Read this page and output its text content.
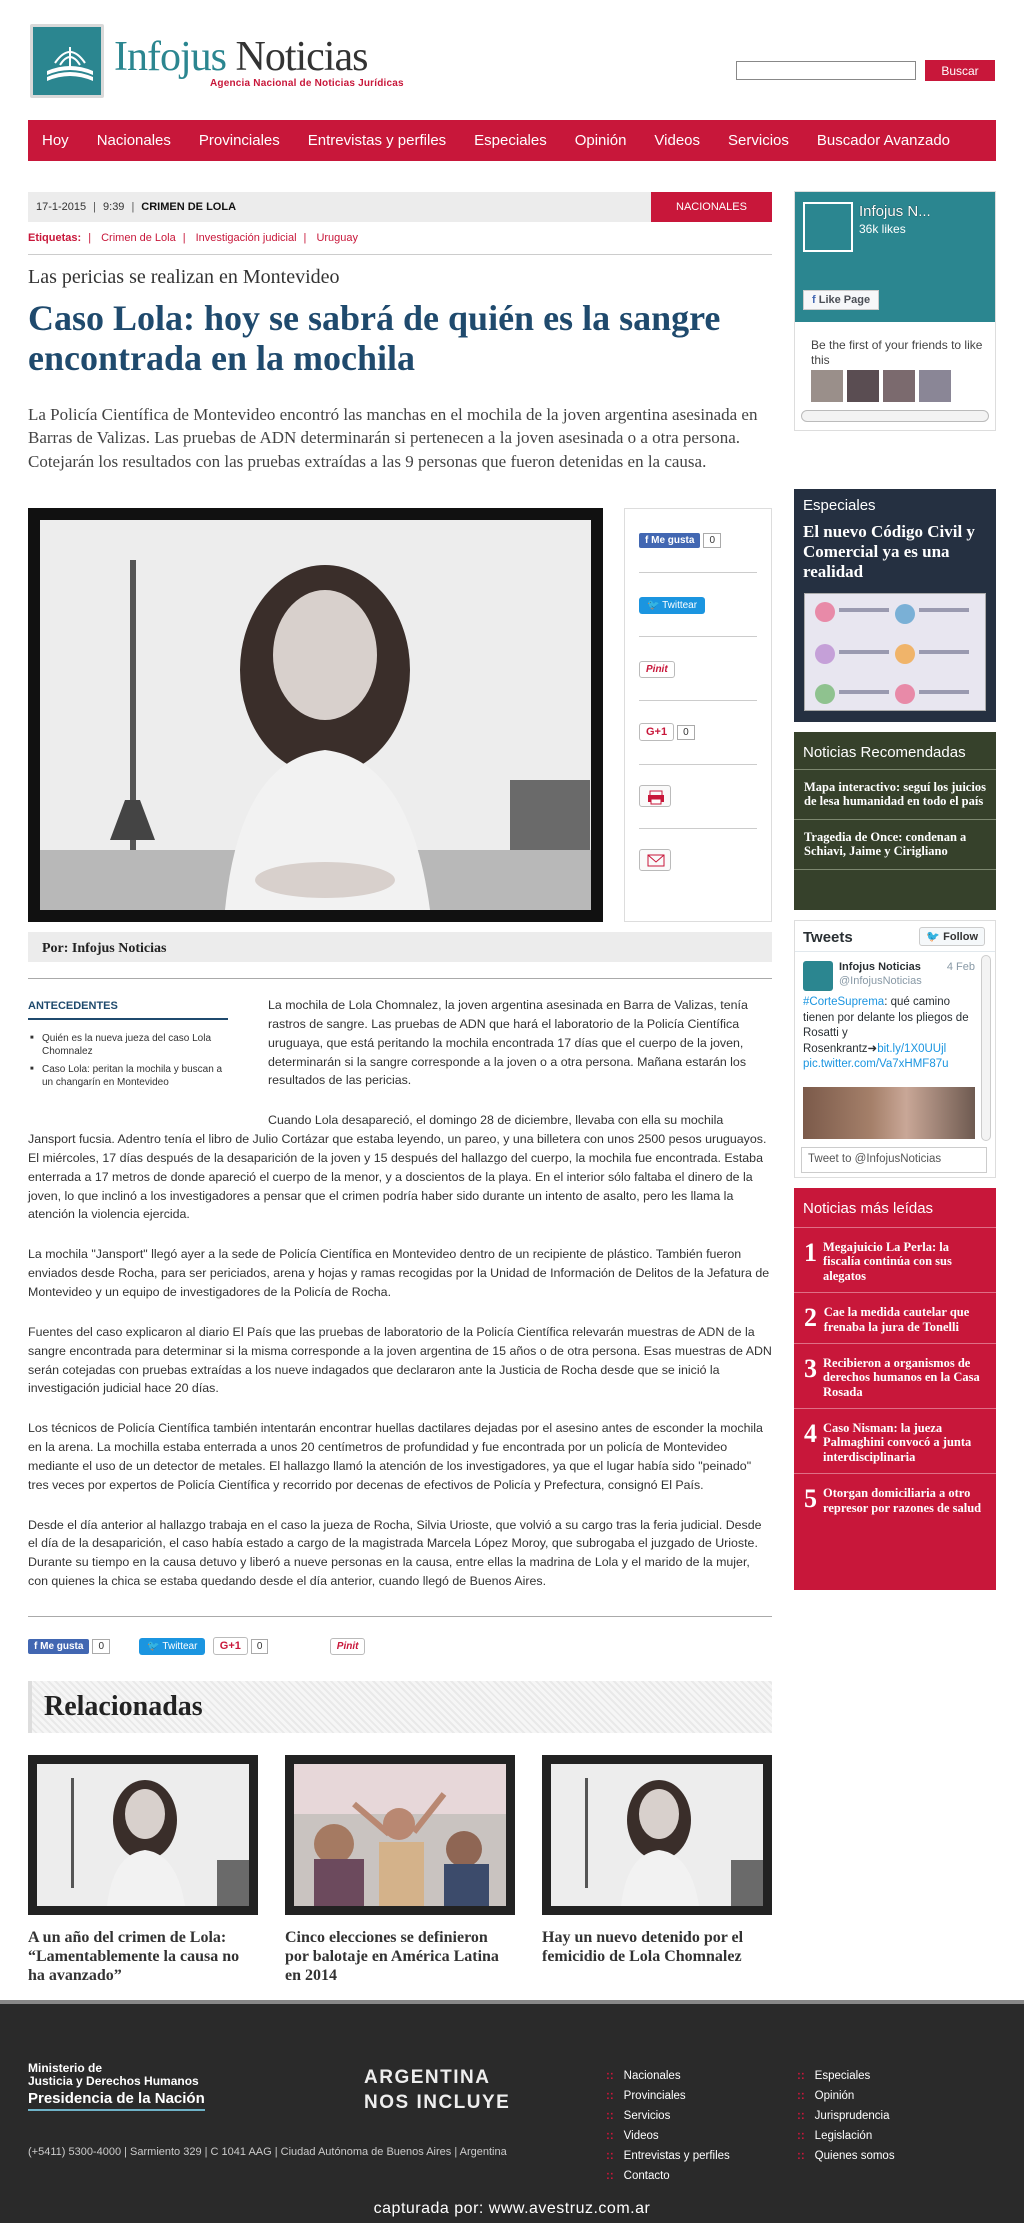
Infojus Noticias
Agencia Nacional de Noticias Jurídicas
Buscar
Hoy Nacionales Provinciales Entrevistas y perfiles Especiales Opinión Videos Servicios Buscador Avanzado
17-1-2015 | 9:39 | CRIMEN DE LOLA	NACIONALES
Etiquetas: | Crimen de Lola | Investigación judicial | Uruguay
Las pericias se realizan en Montevideo
Caso Lola: hoy se sabrá de quién es la sangre encontrada en la mochila
La Policía Científica de Montevideo encontró las manchas en el mochila de la joven argentina asesinada en Barras de Valizas. Las pruebas de ADN determinarán si pertenecen a la joven asesinada o a otra persona. Cotejarán los resultados con las pruebas extraídas a las 9 personas que fueron detenidas en la causa.
f Me gusta 0
🐦 Twittear
Pinit
G+1 0
Por: Infojus Noticias
ANTECEDENTES
■ Quién es la nueva jueza del caso Lola Chomnalez
■ Caso Lola: peritan la mochila y buscan a un changarín en Montevideo

La mochila de Lola Chomnalez, la joven argentina asesinada en Barra de Valizas, tenía rastros de sangre. Las pruebas de ADN que hará el laboratorio de la Policía Científica uruguaya, que está peritando la mochila encontrada 17 días que el cuerpo de la joven, determinarán si la sangre corresponde a la joven o a otra persona. Mañana estarán los resultados de las pericias.

Cuando Lola desapareció, el domingo 28 de diciembre, llevaba con ella su mochila Jansport fucsia. Adentro tenía el libro de Julio Cortázar que estaba leyendo, un pareo, y una billetera con unos 2500 pesos uruguayos. El miércoles, 17 días después de la desaparición de la joven y 15 después del hallazgo del cuerpo, la mochila fue encontrada. Estaba enterrada a 17 metros de donde apareció el cuerpo de la menor, y a doscientos de la playa. En el interior sólo faltaba el dinero de la joven, lo que inclinó a los investigadores a pensar que el crimen podría haber sido durante un intento de asalto, pero les llama la atención la violencia ejercida.

La mochila "Jansport" llegó ayer a la sede de Policía Científica en Montevideo dentro de un recipiente de plástico. También fueron enviados desde Rocha, para ser periciados, arena y hojas y ramas recogidas por la Unidad de Información de Delitos de la Jefatura de Montevideo y un equipo de investigadores de la Policía de Rocha.

Fuentes del caso explicaron al diario El País que las pruebas de laboratorio de la Policía Científica relevarán muestras de ADN de la sangre encontrada para determinar si la misma corresponde a la joven argentina de 15 años o de otra persona. Esas muestras de ADN serán cotejadas con pruebas extraídas a los nueve indagados que declararon ante la Justicia de Rocha desde que se inició la investigación judicial hace 20 días.

Los técnicos de Policía Científica también intentarán encontrar huellas dactilares dejadas por el asesino antes de esconder la mochila en la arena. La mochilla estaba enterrada a unos 20 centímetros de profundidad y fue encontrada por un policía de Montevideo mediante el uso de un detector de metales. El hallazgo llamó la atención de los investigadores, ya que el lugar había sido "peinado" tres veces por expertos de Policía Científica y recorrido por decenas de efectivos de Policía y Prefectura, consignó El País.

Desde el día anterior al hallazgo trabaja en el caso la jueza de Rocha, Silvia Urioste, que volvió a su cargo tras la feria judicial. Desde el día de la desaparición, el caso había estado a cargo de la magistrada Marcela López Moroy, que subrogaba el juzgado de Urioste. Durante su tiempo en la causa detuvo y liberó a nueve personas en la causa, entre ellas la madrina de Lola y el marido de la mujer, con quienes la chica se estaba quedando desde el día anterior, cuando llegó de Buenos Aires.

f Me gusta 0	🐦 Twittear G+1 0	Pinit
Relacionadas
A un año del crimen de Lola: “Lamentablemente la causa no ha avanzado”
Cinco elecciones se definieron por balotaje en América Latina en 2014
Hay un nuevo detenido por el femicidio de Lola Chomnalez
Infojus N...
36k likes
f Like Page
Be the first of your friends to like this
Especiales
El nuevo Código Civil y Comercial ya es una realidad
Noticias Recomendadas
Mapa interactivo: seguí los juicios de lesa humanidad en todo el país
Tragedia de Once: condenan a Schiavi, Jaime y Cirigliano
Tweets	🐦 Follow
Infojus Noticias
@InfojusNoticias
4 Feb
#CorteSuprema: qué camino tienen por delante los pliegos de Rosatti y Rosenkrantz➜bit.ly/1X0UUjl
pic.twitter.com/Va7xHMF87u
Tweet to @InfojusNoticias
Noticias más leídas
1 Megajuicio La Perla: la fiscalía continúa con sus alegatos
2 Cae la medida cautelar que frenaba la jura de Tonelli
3 Recibieron a organismos de derechos humanos en la Casa Rosada
4 Caso Nisman: la jueza Palmaghini convocó a junta interdisciplinaria
5 Otorgan domiciliaria a otro represor por razones de salud
Ministerio de
Justicia y Derechos Humanos
Presidencia de la Nación
ARGENTINA
NOS INCLUYE
(+5411) 5300-4000 | Sarmiento 329 | C 1041 AAG | Ciudad Autónoma de Buenos Aires | Argentina
:: Nacionales
:: Provinciales
:: Servicios
:: Videos
:: Entrevistas y perfiles
:: Contacto
:: Especiales
:: Opinión
:: Jurisprudencia
:: Legislación
:: Quienes somos
capturada por: www.avestruz.com.ar
